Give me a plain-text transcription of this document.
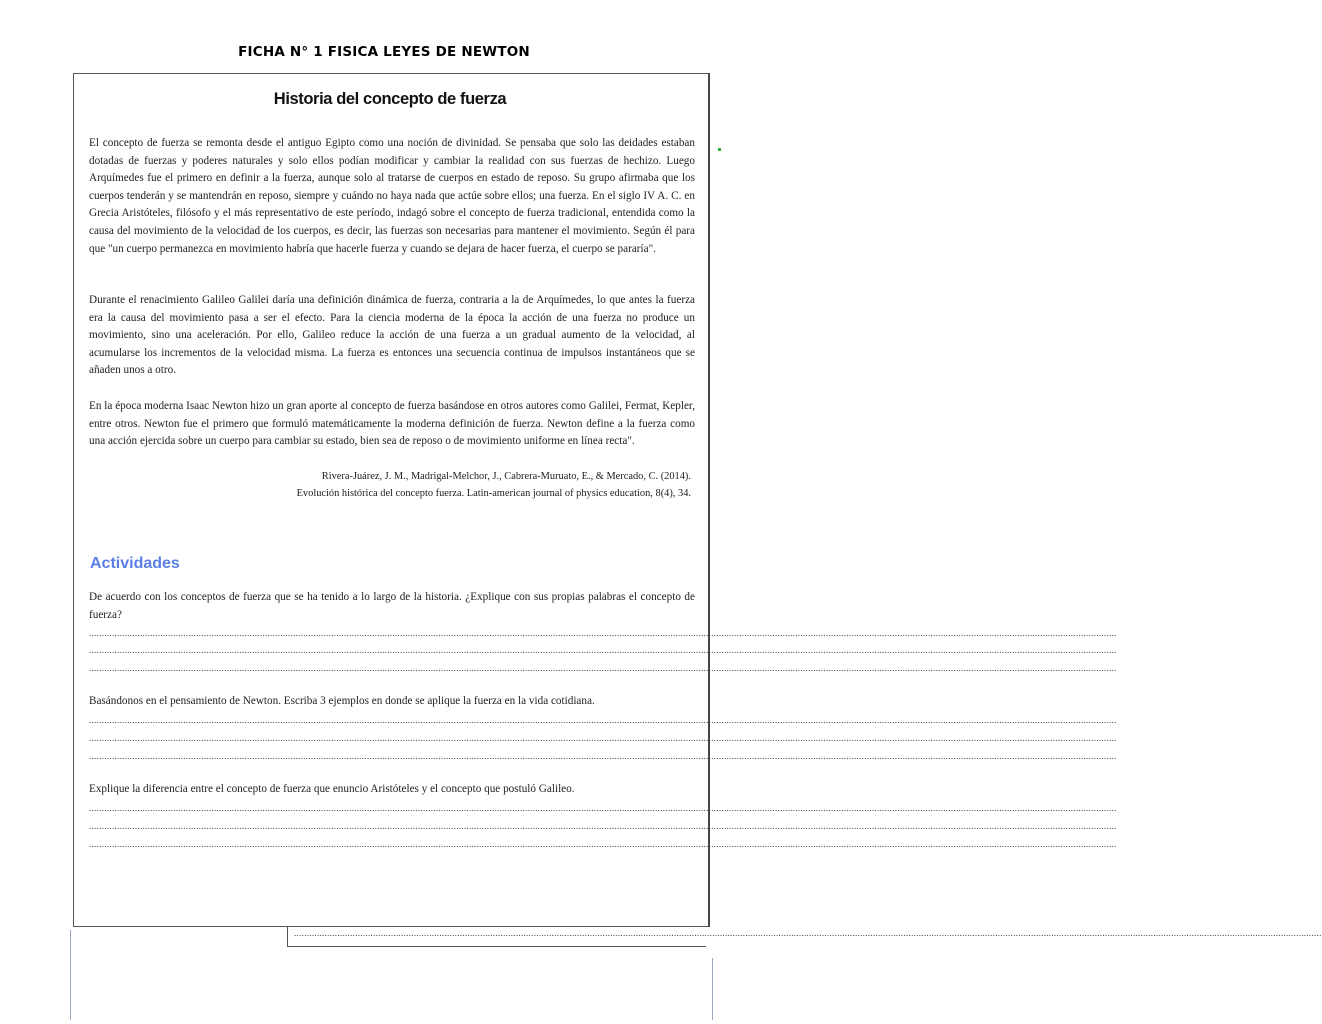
FICHA N° 1 FISICA LEYES DE NEWTON
Historia del concepto de fuerza
El concepto de fuerza se remonta desde el antiguo Egipto como una noción de divinidad. Se pensaba que solo las deidades estaban dotadas de fuerzas y poderes naturales y solo ellos podían modificar y cambiar la realidad con sus fuerzas de hechizo. Luego Arquímedes fue el primero en definir a la fuerza, aunque solo al tratarse de cuerpos en estado de reposo. Su grupo afirmaba que los cuerpos tenderán y se mantendrán en reposo, siempre y cuándo no haya nada que actúe sobre ellos; una fuerza. En el siglo IV A. C. en Grecia Aristóteles, filósofo y el más representativo de este período, indagó sobre el concepto de fuerza tradicional, entendida como la causa del movimiento de la velocidad de los cuerpos, es decir, las fuerzas son necesarias para mantener el movimiento. Según él para que "un cuerpo permanezca en movimiento habría que hacerle fuerza y cuando se dejara de hacer fuerza, el cuerpo se pararía".
Durante el renacimiento Galileo Galilei daría una definición dinámica de fuerza, contraria a la de Arquímedes, lo que antes la fuerza era la causa del movimiento pasa a ser el efecto. Para la ciencia moderna de la época la acción de una fuerza no produce un movimiento, sino una aceleración. Por ello, Galileo reduce la acción de una fuerza a un gradual aumento de la velocidad, al acumularse los incrementos de la velocidad misma. La fuerza es entonces una secuencia continua de impulsos instantáneos que se añaden unos a otro.
En la época moderna Isaac Newton hizo un gran aporte al concepto de fuerza basándose en otros autores como Galilei, Fermat, Kepler, entre otros. Newton fue el primero que formuló matemáticamente la moderna definición de fuerza. Newton define a la fuerza como una acción ejercida sobre un cuerpo para cambiar su estado, bien sea de reposo o de movimiento uniforme en línea recta".
Rivera-Juárez, J. M., Madrigal-Melchor, J., Cabrera-Muruato, E., & Mercado, C. (2014).
Evolución histórica del concepto fuerza. Latin-american journal of physics education, 8(4), 34.
Actividades
De acuerdo con los conceptos de fuerza que se ha tenido a lo largo de la historia. ¿Explique con sus propias palabras el concepto de fuerza?
...................................................................................................................................................................................................................................................................................................................................................................................................................
...................................................................................................................................................................................................................................................................................................................................................................................................................
...................................................................................................................................................................................................................................................................................................................................................................................................................
Basándonos en el pensamiento de Newton. Escriba 3 ejemplos en donde se aplique la fuerza en la vida cotidiana.
...................................................................................................................................................................................................................................................................................................................................................................................................................
...................................................................................................................................................................................................................................................................................................................................................................................................................
...................................................................................................................................................................................................................................................................................................................................................................................................................
Explique la diferencia entre el concepto de fuerza que enuncio Aristóteles y el concepto que postuló Galileo.
...................................................................................................................................................................................................................................................................................................................................................................................................................
...................................................................................................................................................................................................................................................................................................................................................................................................................
...................................................................................................................................................................................................................................................................................................................................................................................................................
...................................................................................................................................................................................................................................................................................................................................................................................................................
